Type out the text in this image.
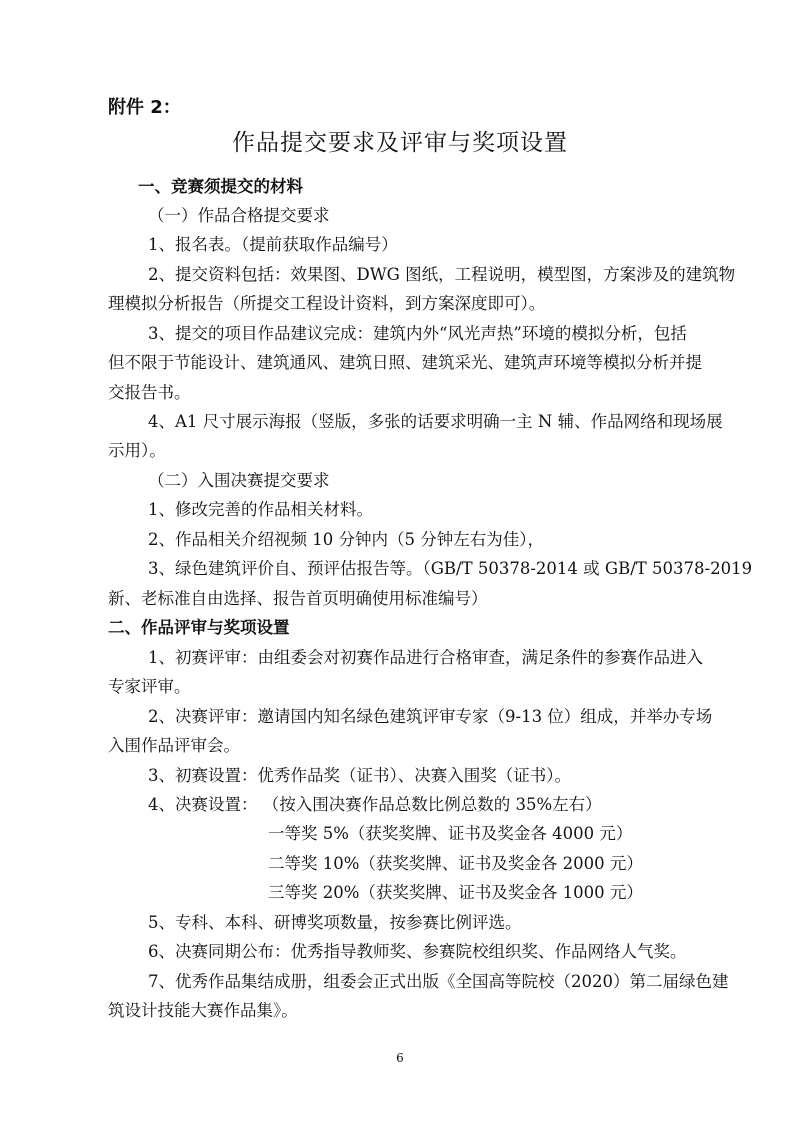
附件 2：
作品提交要求及评审与奖项设置
一、竞赛须提交的材料
（一）作品合格提交要求
1、报名表。（提前获取作品编号）
2、提交资料包括：效果图、DWG 图纸，工程说明，模型图，方案涉及的建筑物
理模拟分析报告（所提交工程设计资料，到方案深度即可）。
3、提交的项目作品建议完成：建筑内外“风光声热”环境的模拟分析，包括
但不限于节能设计、建筑通风、建筑日照、建筑采光、建筑声环境等模拟分析并提
交报告书。
4、A1 尺寸展示海报（竖版，多张的话要求明确一主 N 辅、作品网络和现场展
示用）。
（二）入围决赛提交要求
1、修改完善的作品相关材料。
2、作品相关介绍视频 10 分钟内（5 分钟左右为佳），
3、绿色建筑评价自、预评估报告等。（GB/T 50378-2014 或 GB/T 50378-2019
新、老标准自由选择、报告首页明确使用标准编号）
二、作品评审与奖项设置
1、初赛评审：由组委会对初赛作品进行合格审查，满足条件的参赛作品进入
专家评审。
2、决赛评审：邀请国内知名绿色建筑评审专家（9-13 位）组成，并举办专场
入围作品评审会。
3、初赛设置：优秀作品奖（证书）、决赛入围奖（证书）。
4、决赛设置： （按入围决赛作品总数比例总数的 35%左右）
一等奖 5%（获奖奖牌、证书及奖金各 4000 元）
二等奖 10%（获奖奖牌、证书及奖金各 2000 元）
三等奖 20%（获奖奖牌、证书及奖金各 1000 元）
5、专科、本科、研博奖项数量，按参赛比例评选。
6、决赛同期公布：优秀指导教师奖、参赛院校组织奖、作品网络人气奖。
7、优秀作品集结成册，组委会正式出版《全国高等院校（2020）第二届绿色建
筑设计技能大赛作品集》。
6
